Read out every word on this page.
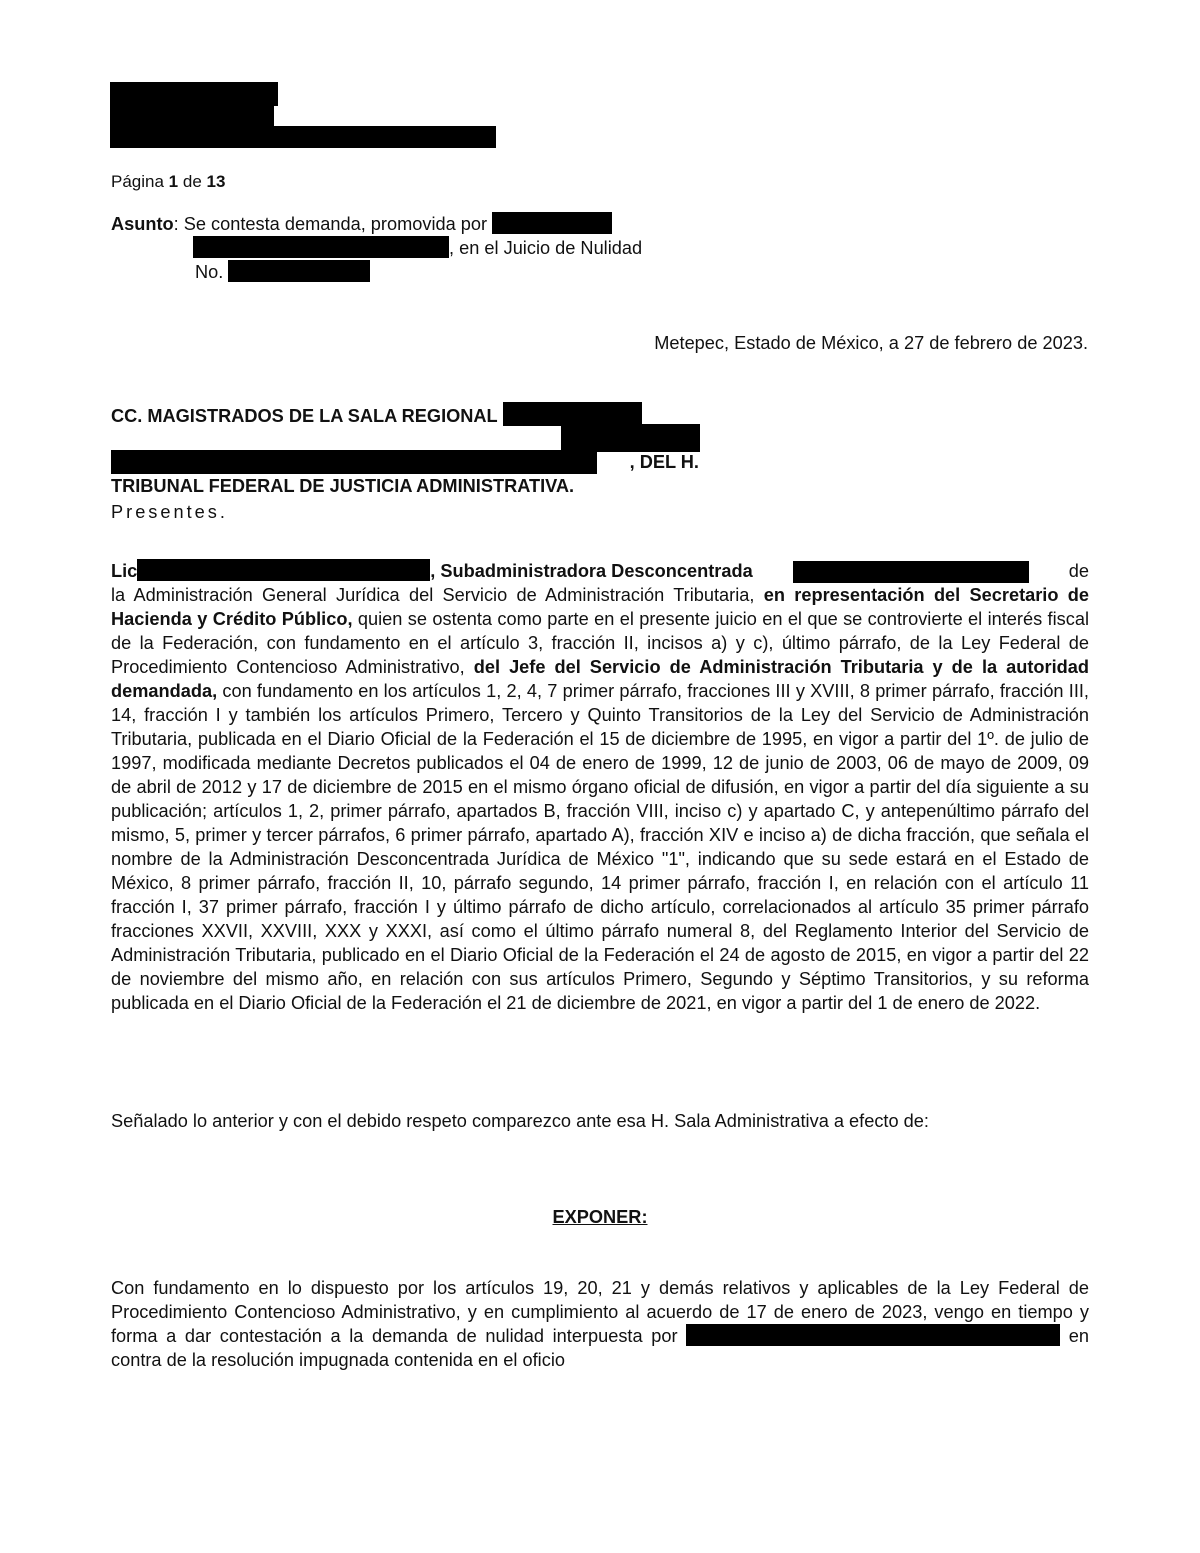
Página 1 de 13
Asunto: Se contesta demanda, promovida por
, en el Juicio de Nulidad
No.
Metepec, Estado de México, a 27 de febrero de 2023.
CC. MAGISTRADOS DE LA SALA REGIONAL
, DEL H.
TRIBUNAL FEDERAL DE JUSTICIA ADMINISTRATIVA.
Presentes.
Lic	, Subadministradora Desconcentrada	de
la Administración General Jurídica del Servicio de Administración Tributaria, en representación del Secretario de Hacienda y Crédito Público, quien se ostenta como parte en el presente juicio en el que se controvierte el interés fiscal de la Federación, con fundamento en el artículo 3, fracción II, incisos a) y c), último párrafo, de la Ley Federal de Procedimiento Contencioso Administrativo, del Jefe del Servicio de Administración Tributaria y de la autoridad demandada, con fundamento en los artículos 1, 2, 4, 7 primer párrafo, fracciones III y XVIII, 8 primer párrafo, fracción III, 14, fracción I y también los artículos Primero, Tercero y Quinto Transitorios de la Ley del Servicio de Administración Tributaria, publicada en el Diario Oficial de la Federación el 15 de diciembre de 1995, en vigor a partir del 1º. de julio de 1997, modificada mediante Decretos publicados el 04 de enero de 1999, 12 de junio de 2003, 06 de mayo de 2009, 09 de abril de 2012 y 17 de diciembre de 2015 en el mismo órgano oficial de difusión, en vigor a partir del día siguiente a su publicación; artículos 1, 2, primer párrafo, apartados B, fracción VIII, inciso c) y apartado C, y antepenúltimo párrafo del mismo, 5, primer y tercer párrafos, 6 primer párrafo, apartado A), fracción XIV e inciso a) de dicha fracción, que señala el nombre de la Administración Desconcentrada Jurídica de México "1", indicando que su sede estará en el Estado de México, 8 primer párrafo, fracción II, 10, párrafo segundo, 14 primer párrafo, fracción I, en relación con el artículo 11 fracción I, 37 primer párrafo, fracción I y último párrafo de dicho artículo, correlacionados al artículo 35 primer párrafo fracciones XXVII, XXVIII, XXX y XXXI, así como el último párrafo numeral 8, del Reglamento Interior del Servicio de Administración Tributaria, publicado en el Diario Oficial de la Federación el 24 de agosto de 2015, en vigor a partir del 22 de noviembre del mismo año, en relación con sus artículos Primero, Segundo y Séptimo Transitorios, y su reforma publicada en el Diario Oficial de la Federación el 21 de diciembre de 2021, en vigor a partir del 1 de enero de 2022.
Señalado lo anterior y con el debido respeto comparezco ante esa H. Sala Administrativa a efecto de:
EXPONER:
Con fundamento en lo dispuesto por los artículos 19, 20, 21 y demás relativos y aplicables de la Ley Federal de Procedimiento Contencioso Administrativo, y en cumplimiento al acuerdo de 17 de enero de 2023, vengo en tiempo y forma a dar contestación a la demanda de nulidad interpuesta por	en contra de la resolución impugnada contenida en el oficio
